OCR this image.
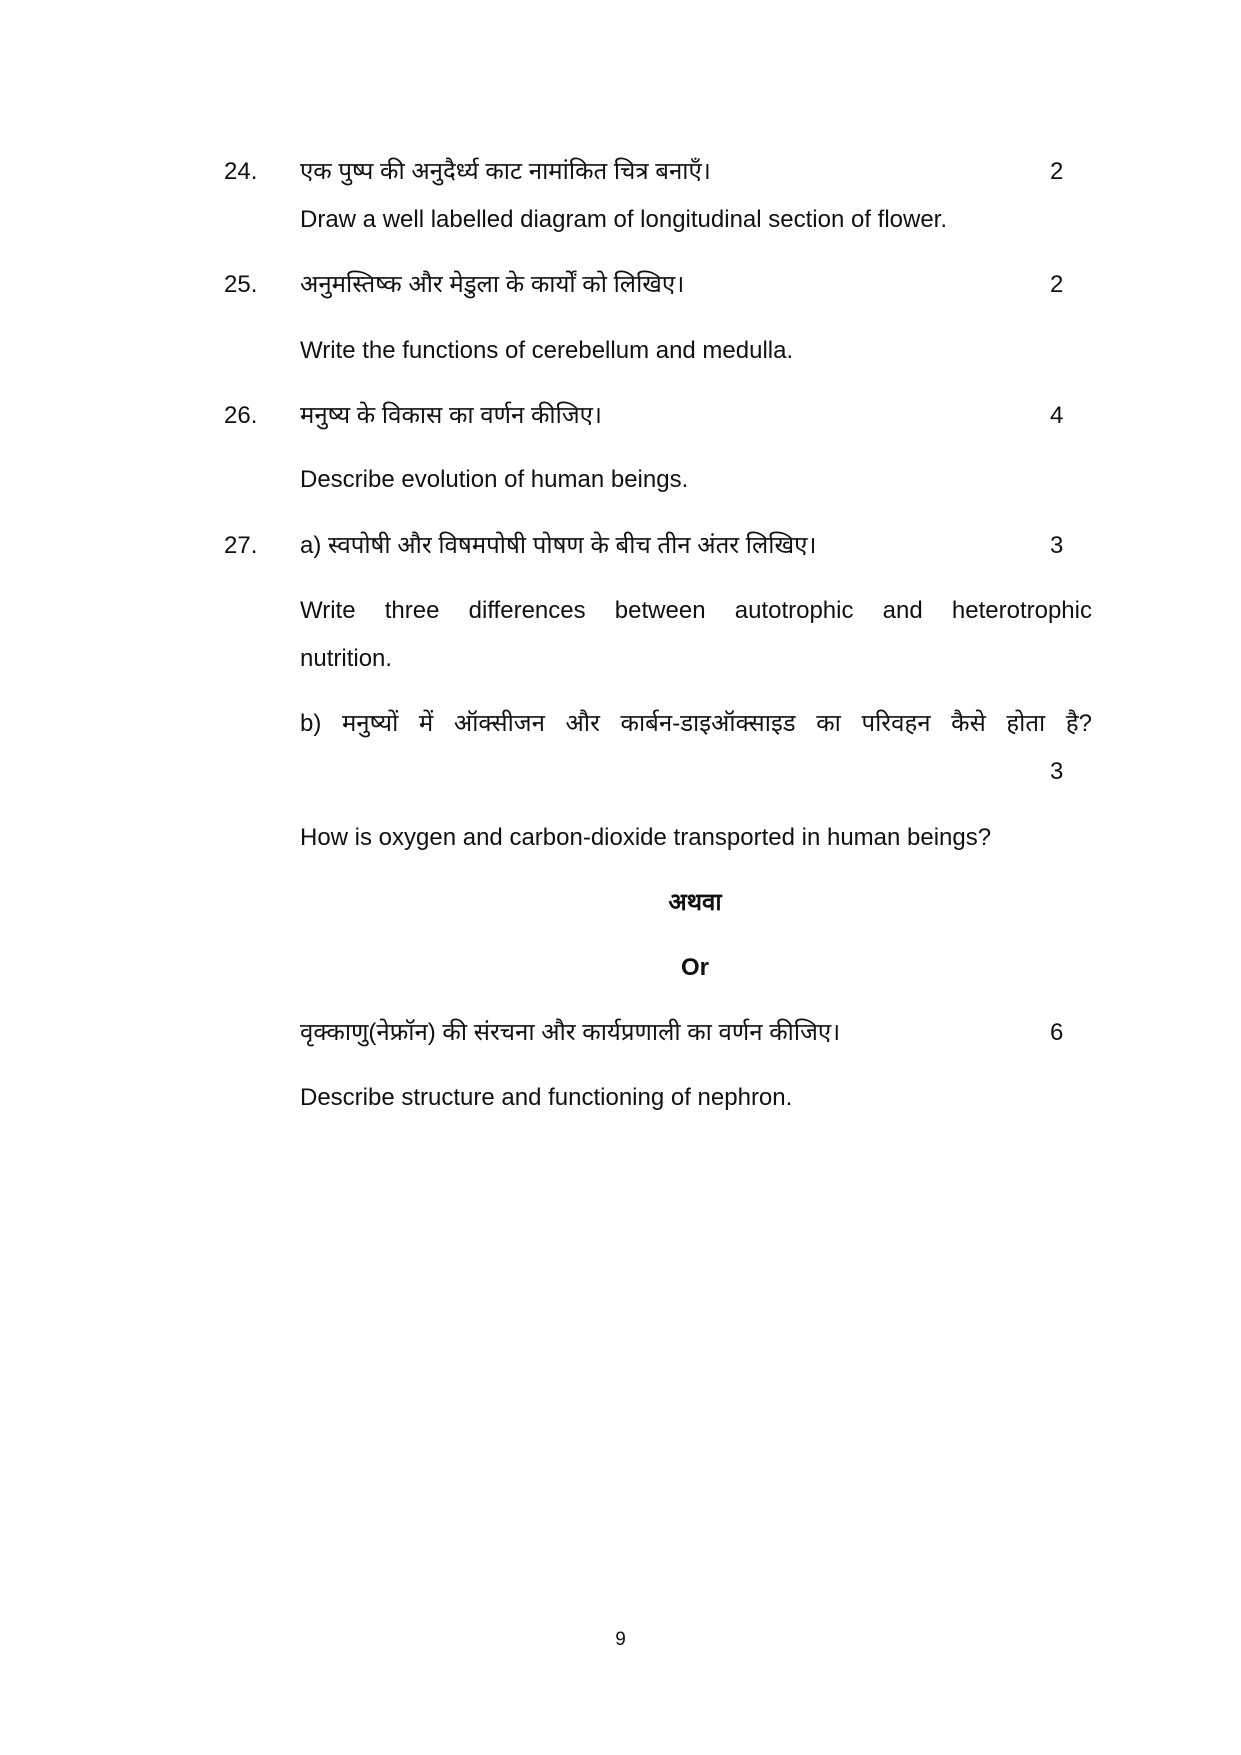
24. एक पुष्प की अनुदैर्ध्य काट नामांकित चित्र बनाएँ।	2
Draw a well labelled diagram of longitudinal section of flower.
25. अनुमस्तिष्क और मेडुला के कार्यों को लिखिए।	2
Write the functions of cerebellum and medulla.
26. मनुष्य के विकास का वर्णन कीजिए।	4
Describe evolution of human beings.
27. a) स्वपोषी और विषमपोषी पोषण के बीच तीन अंतर लिखिए।	3
Write three differences between autotrophic and heterotrophic
nutrition.
b) मनुष्यों में ऑक्सीजन और कार्बन-डाइऑक्साइड का परिवहन कैसे होता है?
3
How is oxygen and carbon-dioxide transported in human beings?
अथवा
Or
वृक्काणु(नेफ्रॉन) की संरचना और कार्यप्रणाली का वर्णन कीजिए।	6
Describe structure and functioning of nephron.
9
